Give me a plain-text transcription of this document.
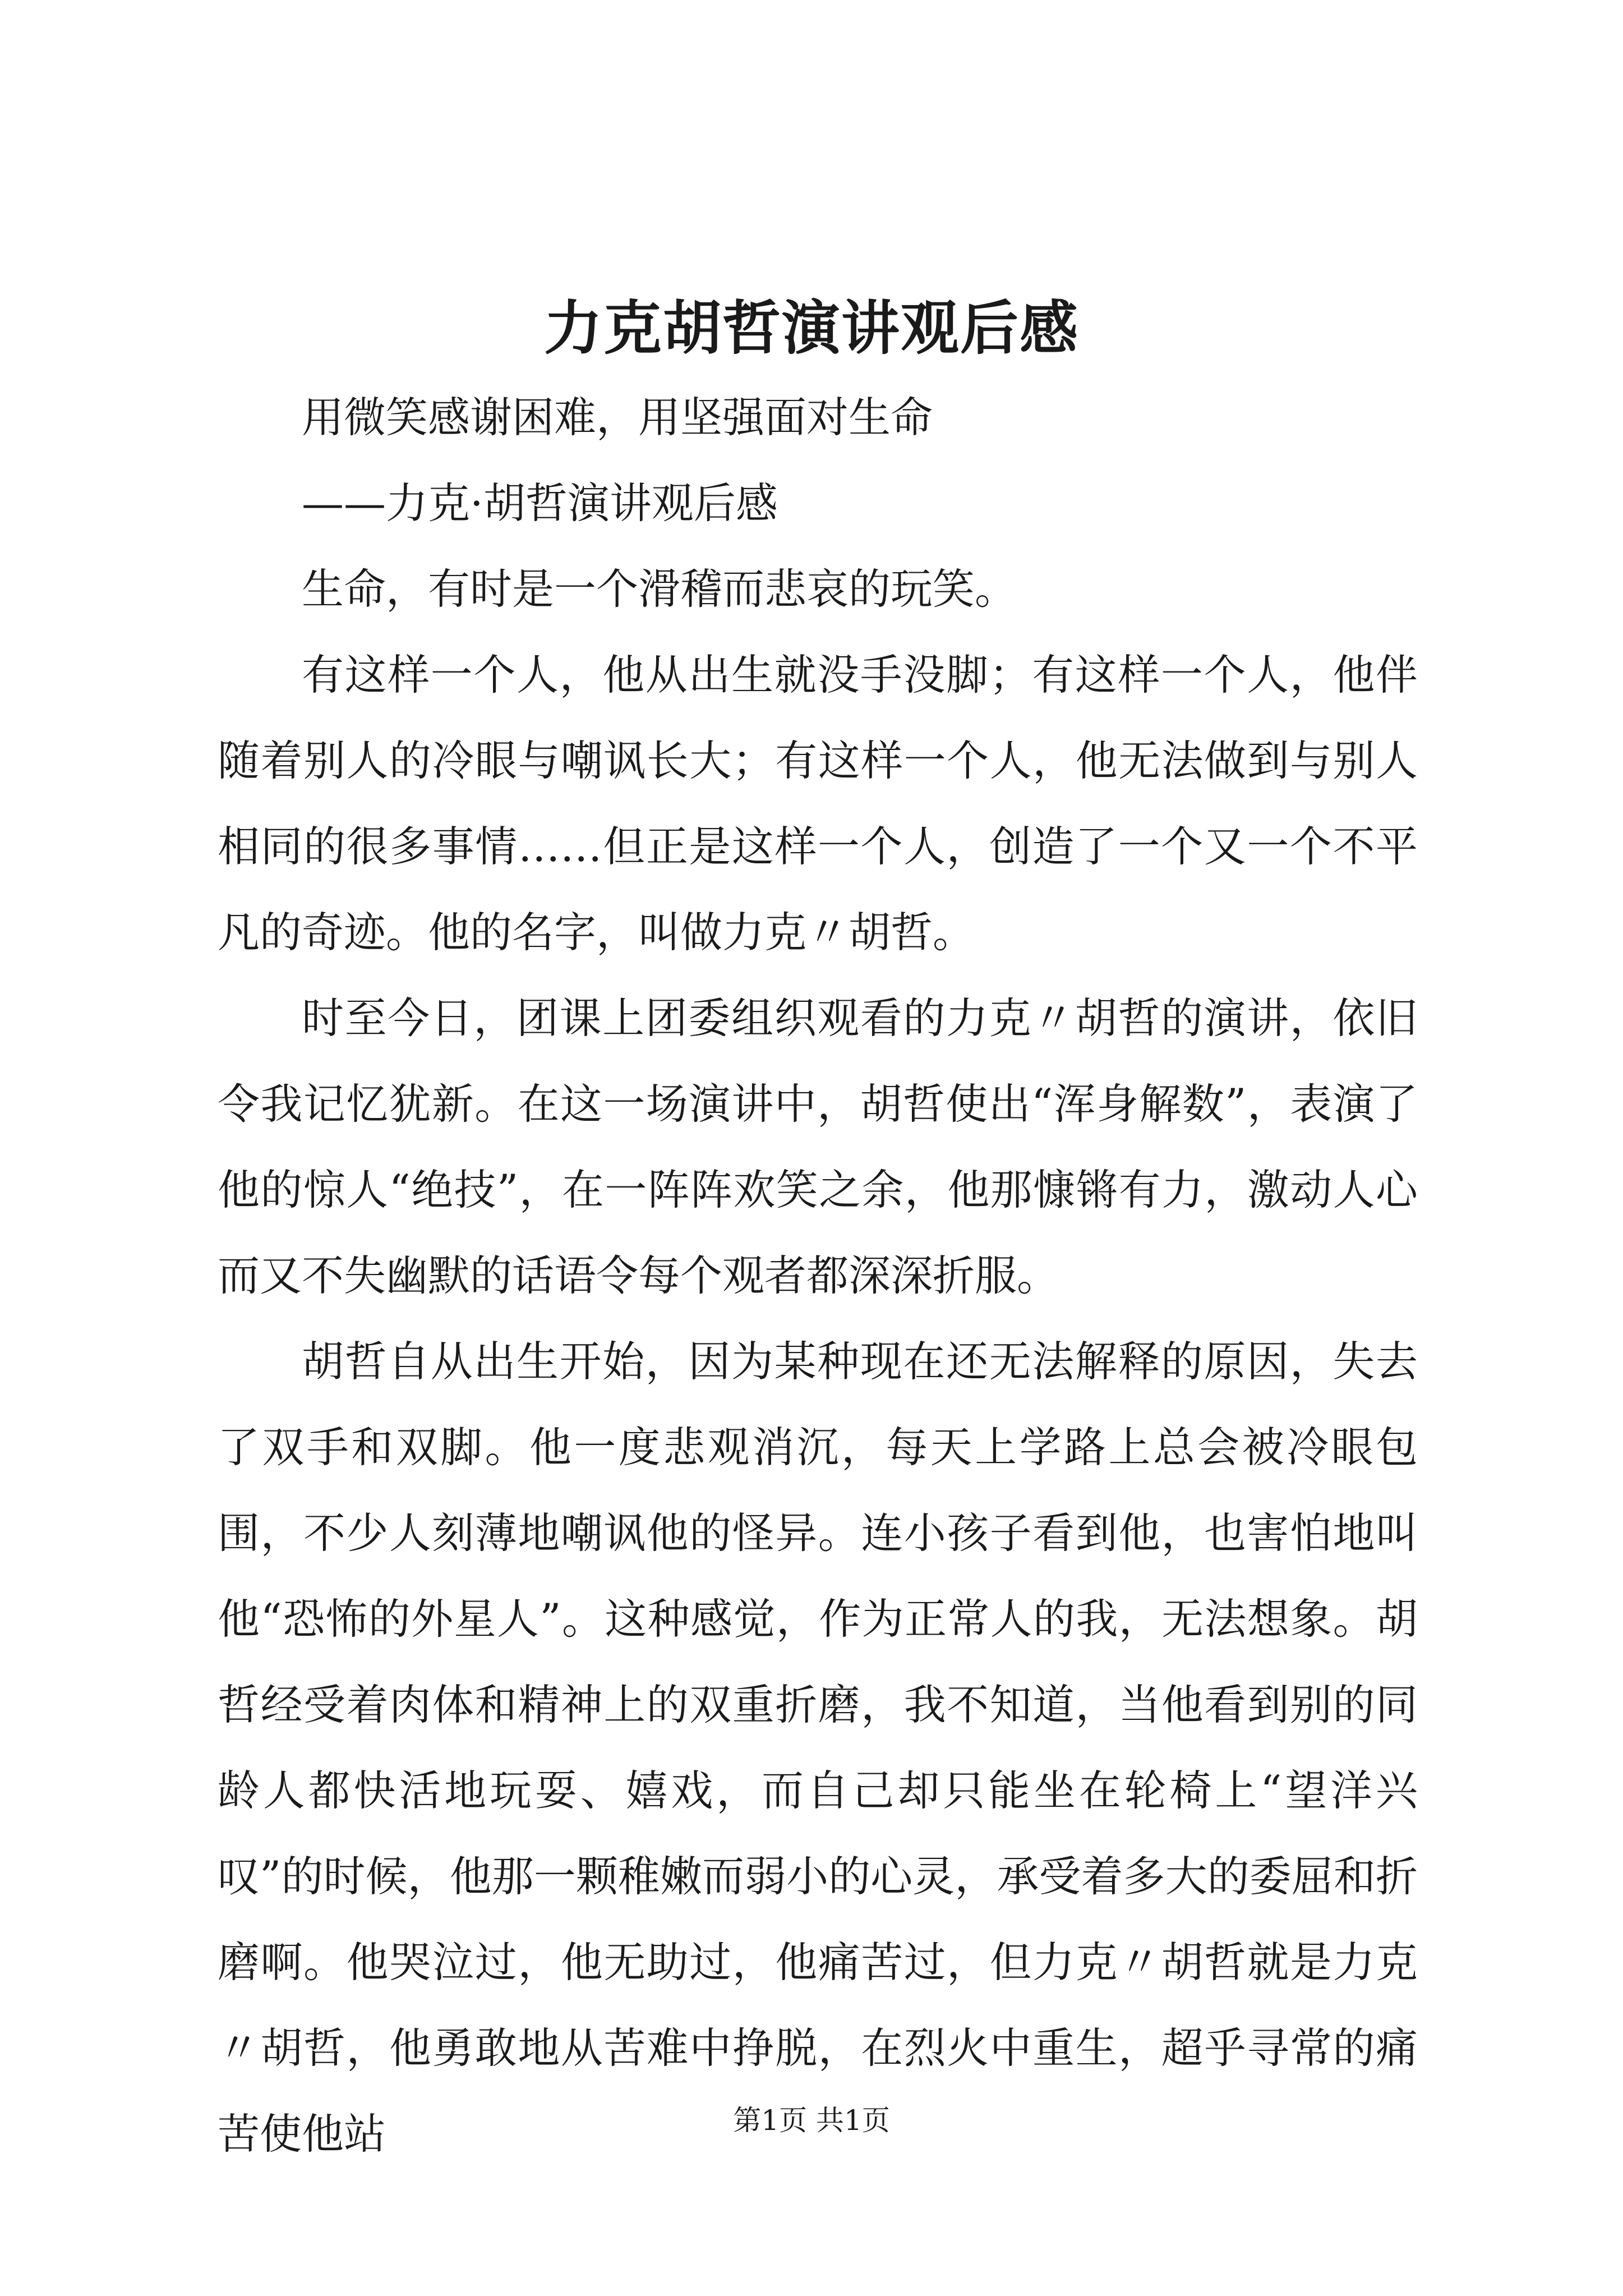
力克胡哲演讲观后感

用微笑感谢困难，用坚强面对生命

——力克·胡哲演讲观后感

生命，有时是一个滑稽而悲哀的玩笑。

有这样一个人，他从出生就没手没脚；有这样一个人，他伴随着别人的冷眼与嘲讽长大；有这样一个人，他无法做到与别人相同的很多事情……但正是这样一个人，创造了一个又一个不平凡的奇迹。他的名字，叫做力克〃胡哲。

时至今日，团课上团委组织观看的力克〃胡哲的演讲，依旧令我记忆犹新。在这一场演讲中，胡哲使出“浑身解数”，表演了他的惊人“绝技”，在一阵阵欢笑之余，他那慷锵有力，激动人心而又不失幽默的话语令每个观者都深深折服。

胡哲自从出生开始，因为某种现在还无法解释的原因，失去了双手和双脚。他一度悲观消沉，每天上学路上总会被冷眼包围，不少人刻薄地嘲讽他的怪异。连小孩子看到他，也害怕地叫他“恐怖的外星人”。这种感觉，作为正常人的我，无法想象。胡哲经受着肉体和精神上的双重折磨，我不知道，当他看到别的同龄人都快活地玩耍、嬉戏，而自己却只能坐在轮椅上“望洋兴叹”的时候，他那一颗稚嫩而弱小的心灵，承受着多大的委屈和折磨啊。他哭泣过，他无助过，他痛苦过，但力克〃胡哲就是力克〃胡哲，他勇敢地从苦难中挣脱，在烈火中重生，超乎寻常的痛苦使他站	第1页 共1页
